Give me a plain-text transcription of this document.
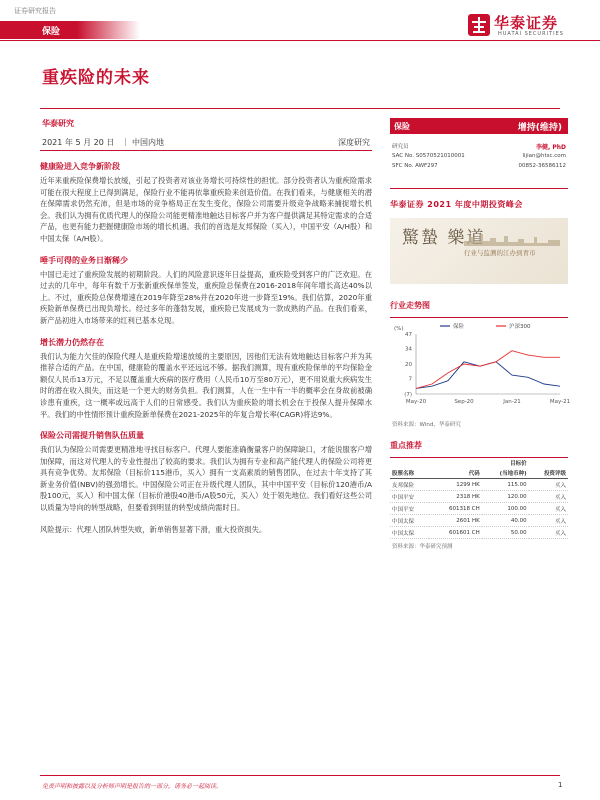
证券研究报告
保险	华泰证券
HUATAI SECURITIES
重疾险的未来
华泰研究
2021 年 5 月 20 日 | 中国内地	深度研究
健康险进入竞争新阶段
近年来重疾险保费增长放缓，引起了投资者对该业务增长可持续性的担忧。部分投资者认为重疾险需求可能在很大程度上已得到满足，保险行业不能再依靠重疾险来创造价值。在我们看来，与健康相关的潜在保障需求仍然充沛，但是市场的竞争格局正在发生变化，保险公司需要升级竞争战略来捕捉增长机会。我们认为拥有优质代理人的保险公司能更精准地触达目标客户并为客户提供满足其特定需求的合适产品，也更有能力把握健康险市场的增长机遇。我们的首选是友邦保险（买入），中国平安（A/H股）和中国太保（A/H股）。
唾手可得的业务日渐稀少
中国已走过了重疾险发展的初期阶段。人们的风险意识逐年日益提高，重疾险受到客户的广泛欢迎。在过去的几年中，每年有数千万张新重疾保单签发，重疾险总保费在2016-2018年间年增长高达40%以上。不过，重疾险总保费增速在2019年降至28%并在2020年进一步降至19%。我们估算，2020年重疾险新单保费已出现负增长。经过多年的蓬勃发展，重疾险已发展成为一款成熟的产品。在我们看来，新产品初进入市场带来的红利已基本兑现。
增长潜力仍然存在
我们认为能力欠佳的保险代理人是重疾险增速放缓的主要原因，因他们无法有效地触达目标客户并为其推荐合适的产品。在中国，健康险的覆盖水平还远远不够。据我们测算，现有重疾险保单的平均保险金额仅人民币13万元，不足以覆盖重大疾病的医疗费用（人民币10万至80万元），更不用说重大疾病发生时的潜在收入损失，而这是一个更大的财务负担。我们测算，人在一生中有一半的概率会在身故前被确诊患有重疾，这一概率或远高于人们的日常感受。我们认为重疾险的增长机会在于投保人提升保障水平。我们的中性情形预计重疾险新单保费在2021-2025年的年复合增长率(CAGR)将达9%。
保险公司需提升销售队伍质量
我们认为保险公司需要更精准地寻找目标客户。代理人要能准确衡量客户的保障缺口，才能说服客户增加保障，而这对代理人的专业性提出了较高的要求。我们认为拥有专业和高产能代理人的保险公司将更具有竞争优势。友邦保险（目标价115港币，买入）拥有一支高素质的销售团队，在过去十年支持了其新业务价值(NBV)的强劲增长。中国保险公司正在升级代理人团队，其中中国平安（目标价120港币/A股100元，买入）和中国太保（目标价港股40港币/A股50元，买入）处于领先地位。我们看好这些公司以质量为导向的转型战略，但要看到明显的转型成绩尚需时日。
风险提示：代理人团队转型失败，新单销售显著下滑，重大投资损失。
保险	增持(维持)
研究员	李健, PhD
SAC No. S0570521010001	lijian@htsc.com
SFC No. AWF297	00852-36586112
华泰证券 2021 年度中期投资峰会
驚蟄 樂道
行业与监测的江办到青市
行业走势图
(%)
47
34
20
7
(7)
May-20	Sep-20	Jan-21	May-21
保险	沪深300
资料来源：Wind，华泰研究
重点推荐
		目标价	
股票名称	代码	(当地币种)	投资评级
友邦保险	1299 HK	115.00	买入
中国平安	2318 HK	120.00	买入
中国平安	601318 CH	100.00	买入
中国太保	2601 HK	40.00	买入
中国太保	601601 CH	50.00	买入
资料来源：华泰研究预测
免责声明和披露以及分析师声明是报告的一部分，请务必一起阅读。	1
